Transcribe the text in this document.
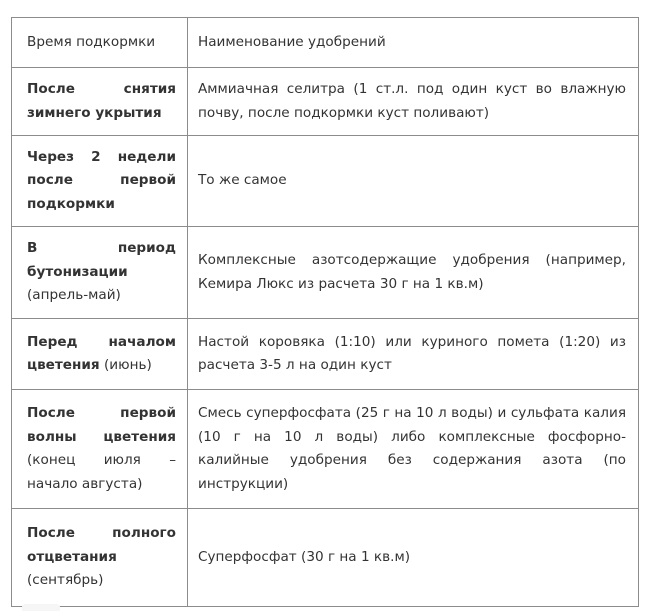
Время подкормки	Наименование удобрений
После снятия зимнего укрытия	Аммиачная селитра (1 ст.л. под один куст во влажную почву, после подкормки куст поливают)
Через 2 недели после первой подкормки	То же самое
В период бутонизации (апрель-май)	Комплексные азотсодержащие удобрения (например, Кемира Люкс из расчета 30 г на 1 кв.м)
Перед началом цветения (июнь)	Настой коровяка (1:10) или куриного помета (1:20) из расчета 3-5 л на один куст
После первой волны цветения (конец июля – начало августа)	Смесь суперфосфата (25 г на 10 л воды) и сульфата калия (10 г на 10 л воды) либо комплексные фосфорно-калийные удобрения без содержания азота (по инструкции)
После полного отцветания (сентябрь)	Суперфосфат (30 г на 1 кв.м)
